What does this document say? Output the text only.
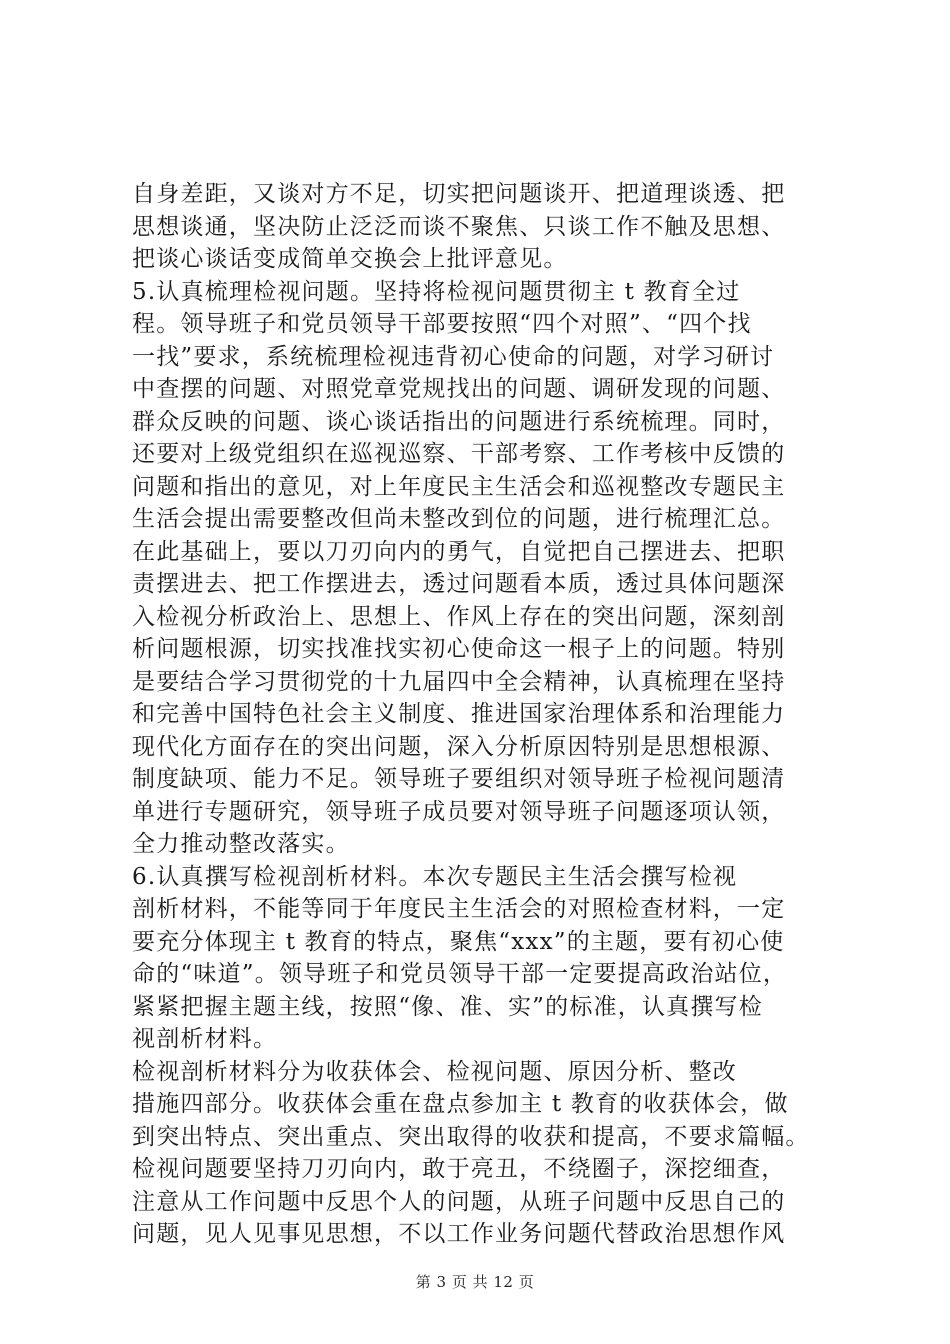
自身差距，又谈对方不足，切实把问题谈开、把道理谈透、把
思想谈通，坚决防止泛泛而谈不聚焦、只谈工作不触及思想、
把谈心谈话变成简单交换会上批评意见。
5.认真梳理检视问题。坚持将检视问题贯彻主 t 教育全过
程。领导班子和党员领导干部要按照“四个对照”、“四个找
一找”要求，系统梳理检视违背初心使命的问题，对学习研讨
中查摆的问题、对照党章党规找出的问题、调研发现的问题、
群众反映的问题、谈心谈话指出的问题进行系统梳理。同时，
还要对上级党组织在巡视巡察、干部考察、工作考核中反馈的
问题和指出的意见，对上年度民主生活会和巡视整改专题民主
生活会提出需要整改但尚未整改到位的问题，进行梳理汇总。
在此基础上，要以刀刃向内的勇气，自觉把自己摆进去、把职
责摆进去、把工作摆进去，透过问题看本质，透过具体问题深
入检视分析政治上、思想上、作风上存在的突出问题，深刻剖
析问题根源，切实找准找实初心使命这一根子上的问题。特别
是要结合学习贯彻党的十九届四中全会精神，认真梳理在坚持
和完善中国特色社会主义制度、推进国家治理体系和治理能力
现代化方面存在的突出问题，深入分析原因特别是思想根源、
制度缺项、能力不足。领导班子要组织对领导班子检视问题清
单进行专题研究，领导班子成员要对领导班子问题逐项认领，
全力推动整改落实。
6.认真撰写检视剖析材料。本次专题民主生活会撰写检视
剖析材料，不能等同于年度民主生活会的对照检查材料，一定
要充分体现主 t 教育的特点，聚焦“xxx”的主题，要有初心使
命的“味道”。领导班子和党员领导干部一定要提高政治站位，
紧紧把握主题主线，按照“像、准、实”的标准，认真撰写检
视剖析材料。
检视剖析材料分为收获体会、检视问题、原因分析、整改
措施四部分。收获体会重在盘点参加主 t 教育的收获体会，做
到突出特点、突出重点、突出取得的收获和提高，不要求篇幅。
检视问题要坚持刀刃向内，敢于亮丑，不绕圈子，深挖细查，
注意从工作问题中反思个人的问题，从班子问题中反思自己的
问题，见人见事见思想，不以工作业务问题代替政治思想作风
第 3 页 共 12 页
